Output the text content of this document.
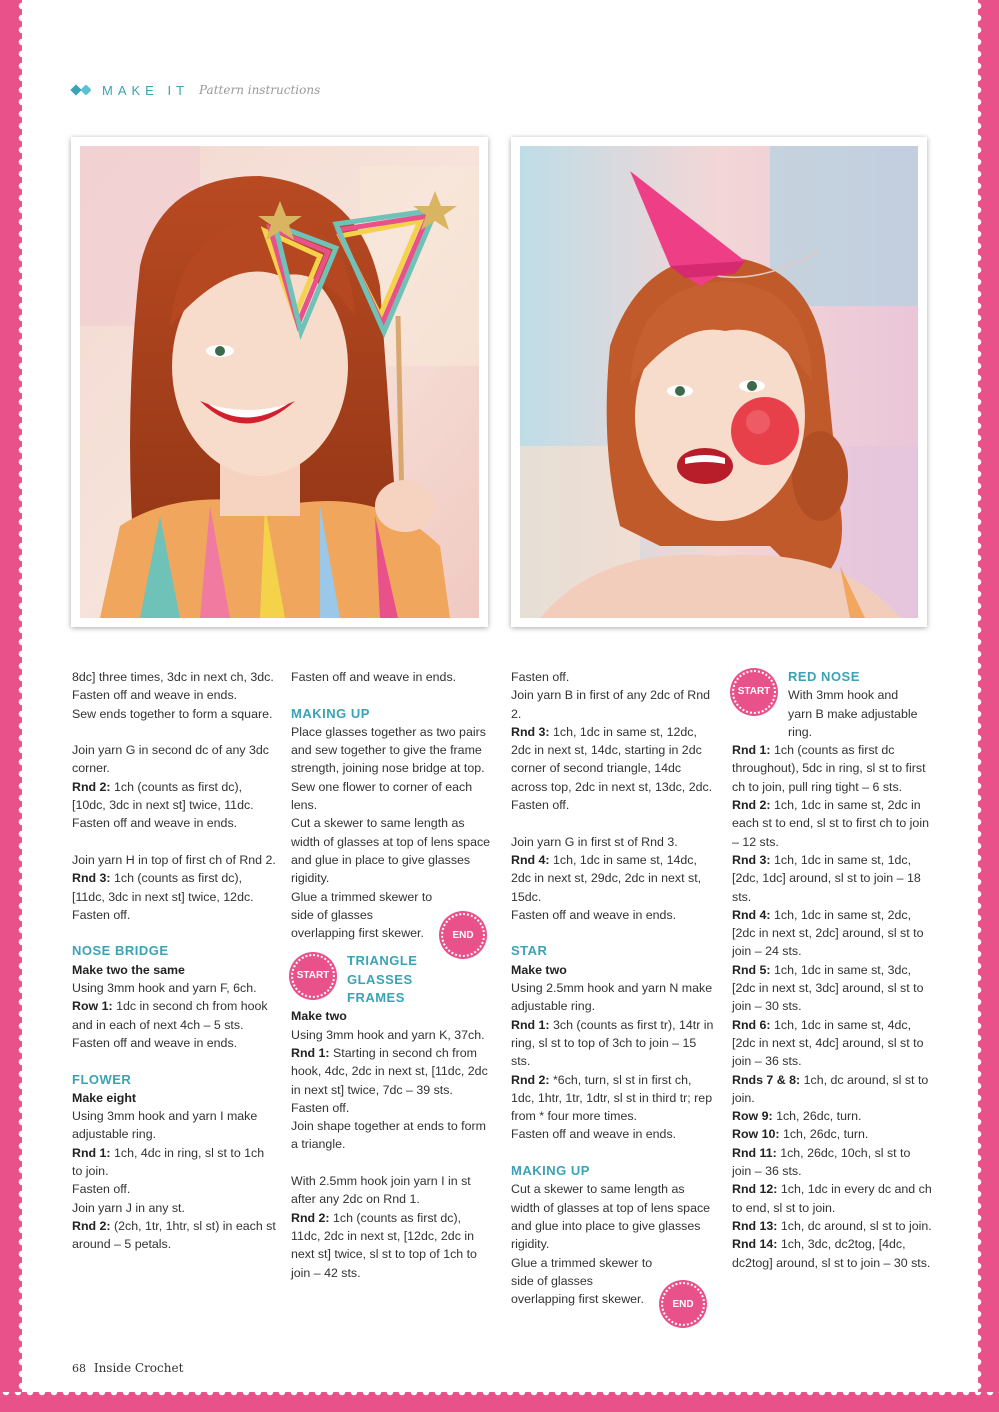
MAKE IT Pattern instructions

8dc] three times, 3dc in next ch, 3dc.

Fasten off and weave in ends.

Sew ends together to form a square.

Join yarn G in second dc of any 3dc corner.

Rnd 2: 1ch (counts as first dc), [10dc, 3dc in next st] twice, 11dc.

Fasten off and weave in ends.

Join yarn H in top of first ch of Rnd 2.

Rnd 3: 1ch (counts as first dc), [11dc, 3dc in next st] twice, 12dc.

Fasten off.

NOSE BRIDGE

Make two the same

Using 3mm hook and yarn F, 6ch.

Row 1: 1dc in second ch from hook and in each of next 4ch – 5 sts.

Fasten off and weave in ends.

FLOWER

Make eight

Using 3mm hook and yarn I make adjustable ring.

Rnd 1: 1ch, 4dc in ring, sl st to 1ch to join.

Fasten off.

Join yarn J in any st.

Rnd 2: (2ch, 1tr, 1htr, sl st) in each st around – 5 petals.

Fasten off and weave in ends.

MAKING UP

Place glasses together as two pairs and sew together to give the frame strength, joining nose bridge at top.

Sew one flower to corner of each lens.

Cut a skewer to same length as width of glasses at top of lens space and glue in place to give glasses rigidity.

Glue a trimmed skewer to side of glasses overlapping first skewer.

START

TRIANGLE

GLASSES

FRAMES

Make two

Using 3mm hook and yarn K, 37ch.

Rnd 1: Starting in second ch from hook, 4dc, 2dc in next st, [11dc, 2dc in next st] twice, 7dc – 39 sts.

Fasten off.

Join shape together at ends to form a triangle.

With 2.5mm hook join yarn I in st after any 2dc on Rnd 1.

Rnd 2: 1ch (counts as first dc), 11dc, 2dc in next st, [12dc, 2dc in next st] twice, sl st to top of 1ch to join – 42 sts.

END

Fasten off.

Join yarn B in first of any 2dc of Rnd 2.

Rnd 3: 1ch, 1dc in same st, 12dc, 2dc in next st, 14dc, starting in 2dc corner of second triangle, 14dc across top, 2dc in next st, 13dc, 2dc.

Fasten off.

Join yarn G in first st of Rnd 3.

Rnd 4: 1ch, 1dc in same st, 14dc, 2dc in next st, 29dc, 2dc in next st, 15dc.

Fasten off and weave in ends.

STAR

Make two

Using 2.5mm hook and yarn N make adjustable ring.

Rnd 1: 3ch (counts as first tr), 14tr in ring, sl st to top of 3ch to join – 15 sts.

Rnd 2: *6ch, turn, sl st in first ch, 1dc, 1htr, 1tr, 1dtr, sl st in third tr; rep from * four more times.

Fasten off and weave in ends.

MAKING UP

Cut a skewer to same length as width of glasses at top of lens space and glue into place to give glasses rigidity.

Glue a trimmed skewer to side of glasses overlapping first skewer.	END
START

RED NOSE

With 3mm hook and yarn B make adjustable ring.

Rnd 1: 1ch (counts as first dc throughout), 5dc in ring, sl st to first ch to join, pull ring tight – 6 sts.

Rnd 2: 1ch, 1dc in same st, 2dc in each st to end, sl st to first ch to join – 12 sts.

Rnd 3: 1ch, 1dc in same st, 1dc, [2dc, 1dc] around, sl st to join – 18 sts.

Rnd 4: 1ch, 1dc in same st, 2dc, [2dc in next st, 2dc] around, sl st to join – 24 sts.

Rnd 5: 1ch, 1dc in same st, 3dc, [2dc in next st, 3dc] around, sl st to join – 30 sts.

Rnd 6: 1ch, 1dc in same st, 4dc, [2dc in next st, 4dc] around, sl st to join – 36 sts.

Rnds 7 & 8: 1ch, dc around, sl st to join.

Row 9: 1ch, 26dc, turn.

Row 10: 1ch, 26dc, turn.

Rnd 11: 1ch, 26dc, 10ch, sl st to join – 36 sts.

Rnd 12: 1ch, 1dc in every dc and ch to end, sl st to join.

Rnd 13: 1ch, dc around, sl st to join.

Rnd 14: 1ch, 3dc, dc2tog, [4dc, dc2tog] around, sl st to join – 30 sts.

68 Inside Crochet
